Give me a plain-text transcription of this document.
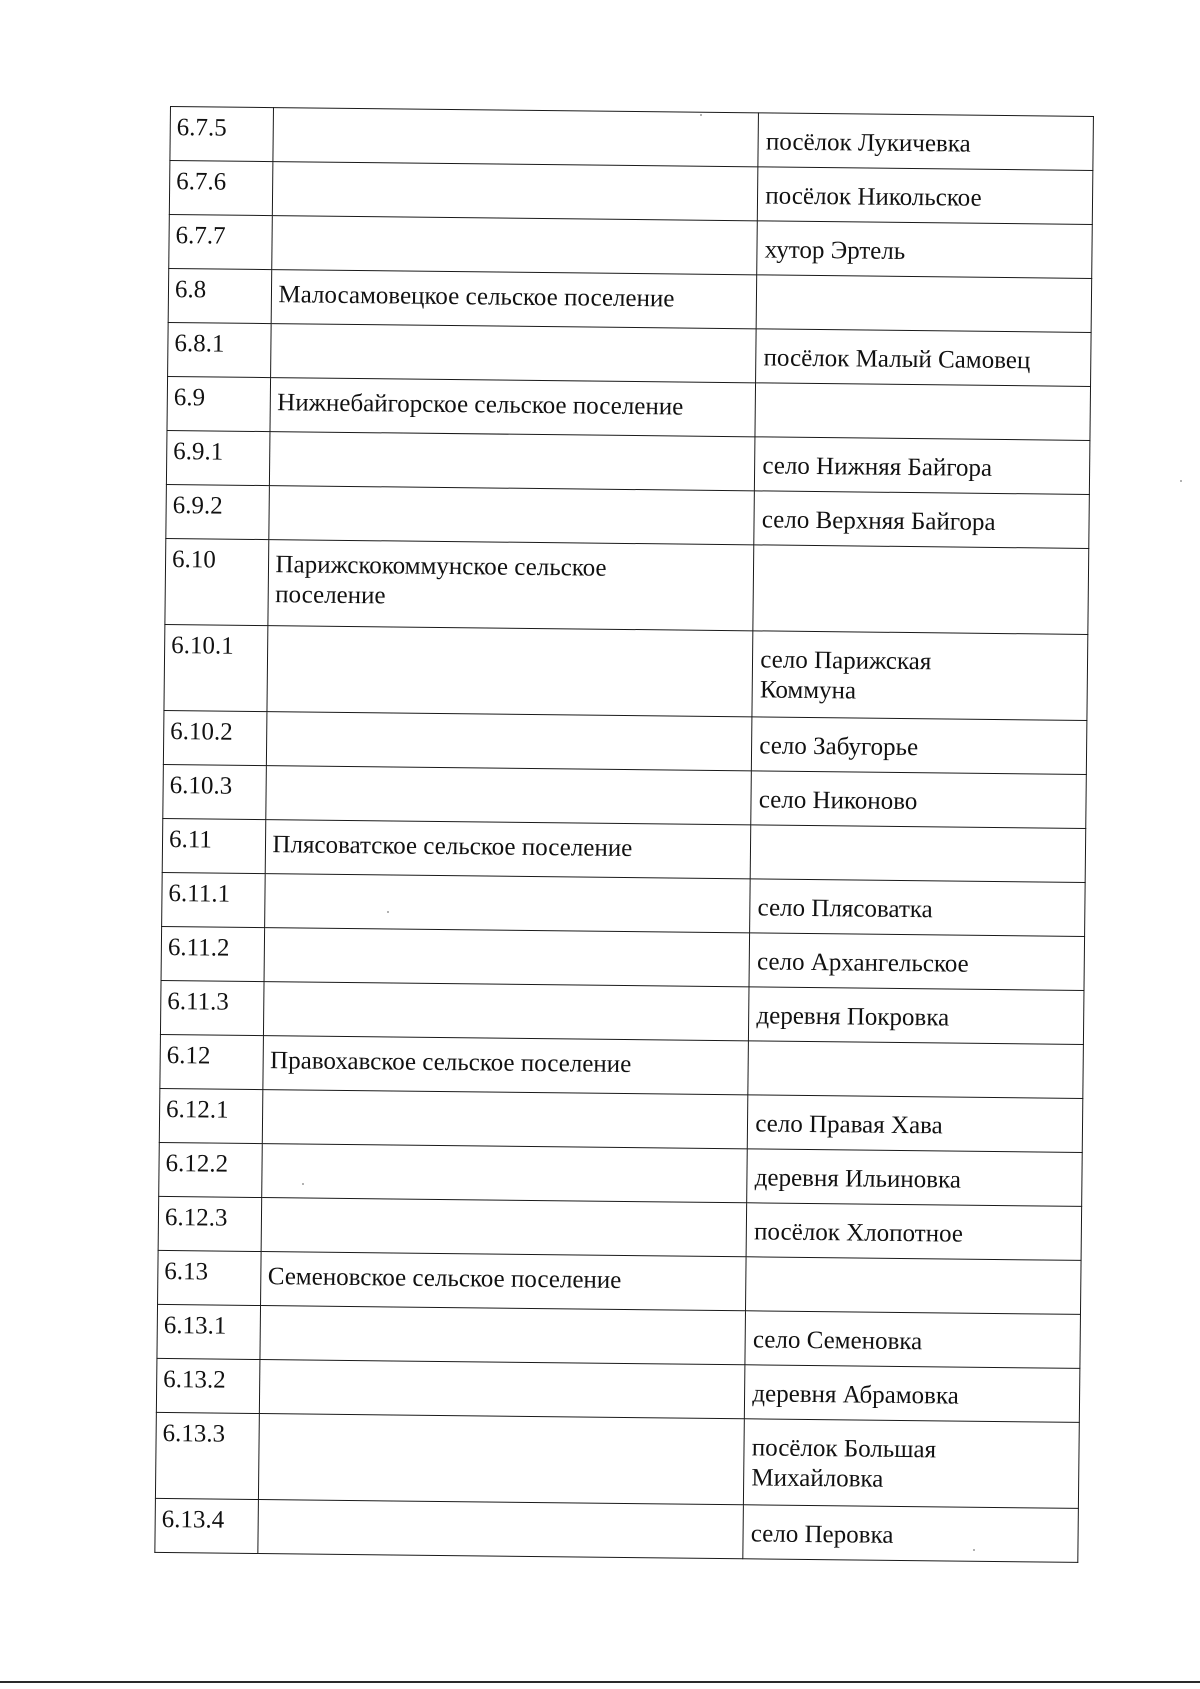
6.7.5		посёлок Лукичевка

6.7.6		посёлок Никольское

6.7.7		хутор Эртель

6.8	Малосамовецкое сельское поселение	

6.8.1		посёлок Малый Самовец

6.9	Нижнебайгорское сельское поселение	

6.9.1		село Нижняя Байгора

6.9.2		село Верхняя Байгора

6.10	Парижскокоммунское сельское поселение	

6.10.1		село Парижская Коммуна

6.10.2		село Забугорье

6.10.3		село Никоново

6.11	Плясоватское сельское поселение	

6.11.1		село Плясоватка

6.11.2		село Архангельское

6.11.3		деревня Покровка

6.12	Правохавское сельское поселение	

6.12.1		село Правая Хава

6.12.2		деревня Ильиновка

6.12.3		посёлок Хлопотное

6.13	Семеновское сельское поселение	

6.13.1		село Семеновка

6.13.2		деревня Абрамовка

6.13.3		посёлок Большая Михайловка

6.13.4		село Перовка
